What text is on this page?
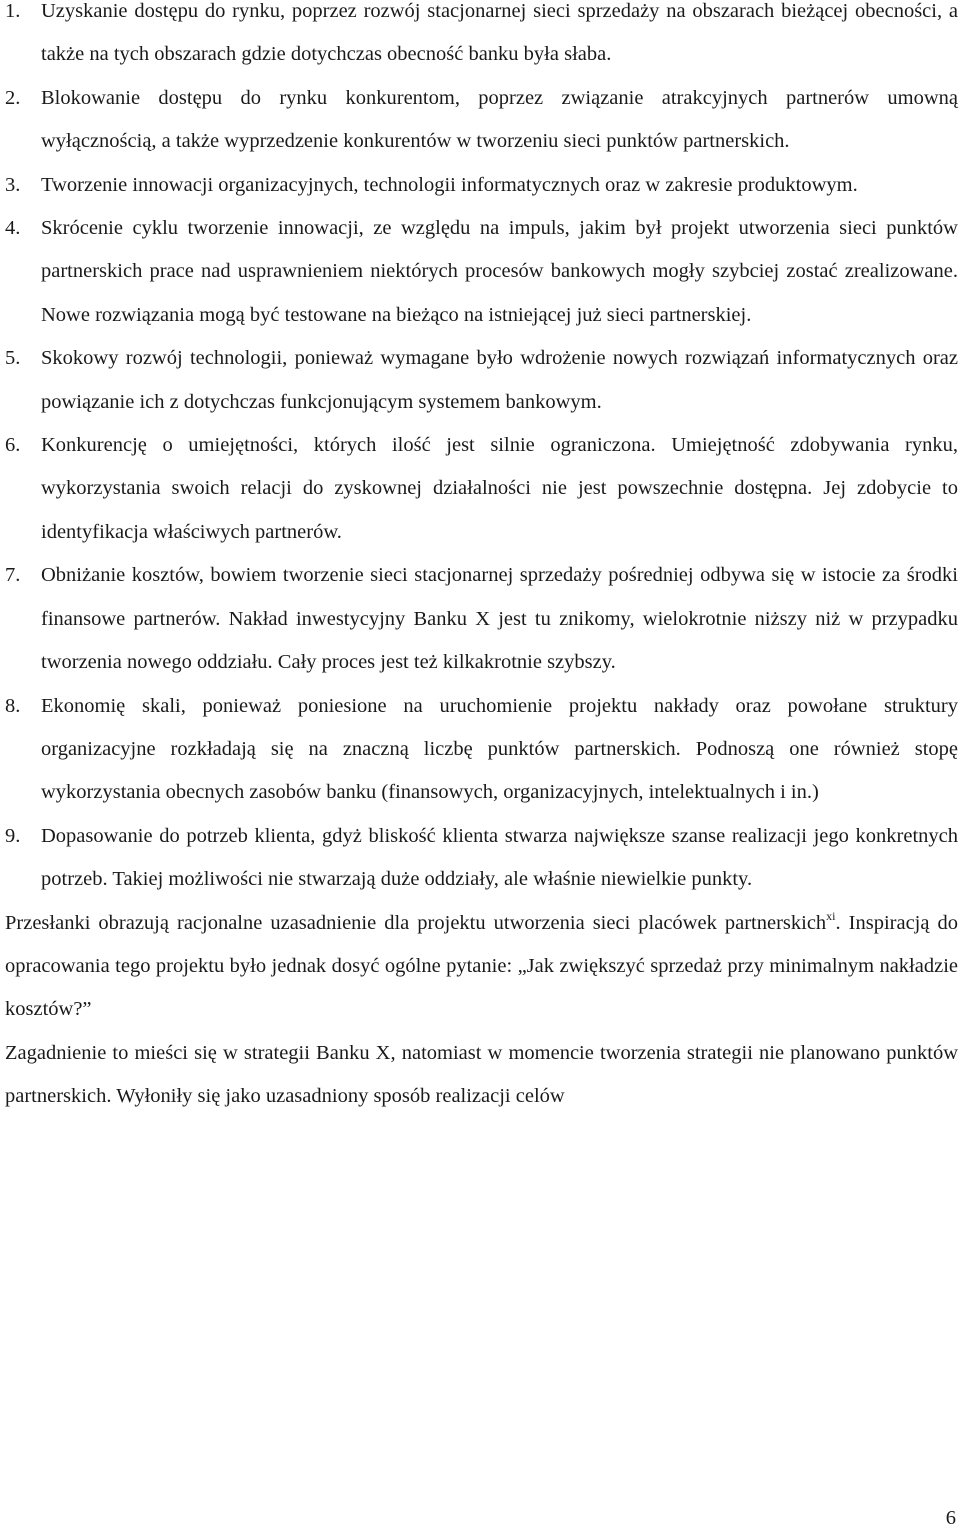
1. Uzyskanie dostępu do rynku, poprzez rozwój stacjonarnej sieci sprzedaży na obszarach bieżącej obecności, a także na tych obszarach gdzie dotychczas obecność banku była słaba.
2. Blokowanie dostępu do rynku konkurentom, poprzez związanie atrakcyjnych partnerów umowną wyłącznością, a także wyprzedzenie konkurentów w tworzeniu sieci punktów partnerskich.
3. Tworzenie innowacji organizacyjnych, technologii informatycznych oraz w zakresie produktowym.
4. Skrócenie cyklu tworzenie innowacji, ze względu na impuls, jakim był projekt utworzenia sieci punktów partnerskich prace nad usprawnieniem niektórych procesów bankowych mogły szybciej zostać zrealizowane. Nowe rozwiązania mogą być testowane na bieżąco na istniejącej już sieci partnerskiej.
5. Skokowy rozwój technologii, ponieważ wymagane było wdrożenie nowych rozwiązań informatycznych oraz powiązanie ich z dotychczas funkcjonującym systemem bankowym.
6. Konkurencję o umiejętności, których ilość jest silnie ograniczona. Umiejętność zdobywania rynku, wykorzystania swoich relacji do zyskownej działalności nie jest powszechnie dostępna. Jej zdobycie to identyfikacja właściwych partnerów.
7. Obniżanie kosztów, bowiem tworzenie sieci stacjonarnej sprzedaży pośredniej odbywa się w istocie za środki finansowe partnerów. Nakład inwestycyjny Banku X jest tu znikomy, wielokrotnie niższy niż w przypadku tworzenia nowego oddziału. Cały proces jest też kilkakrotnie szybszy.
8. Ekonomię skali, ponieważ poniesione na uruchomienie projektu nakłady oraz powołane struktury organizacyjne rozkładają się na znaczną liczbę punktów partnerskich. Podnoszą one również stopę wykorzystania obecnych zasobów banku (finansowych, organizacyjnych, intelektualnych i in.)
9. Dopasowanie do potrzeb klienta, gdyż bliskość klienta stwarza największe szanse realizacji jego konkretnych potrzeb. Takiej możliwości nie stwarzają duże oddziały, ale właśnie niewielkie punkty.

Przesłanki obrazują racjonalne uzasadnienie dla projektu utworzenia sieci placówek partnerskich$^{xi}$. Inspiracją do opracowania tego projektu było jednak dosyć ogólne pytanie: „Jak zwiększyć sprzedaż przy minimalnym nakładzie kosztów?”

Zagadnienie to mieści się w strategii Banku X, natomiast w momencie tworzenia strategii nie planowano punktów partnerskich. Wyłoniły się jako uzasadniony sposób realizacji celów

6
